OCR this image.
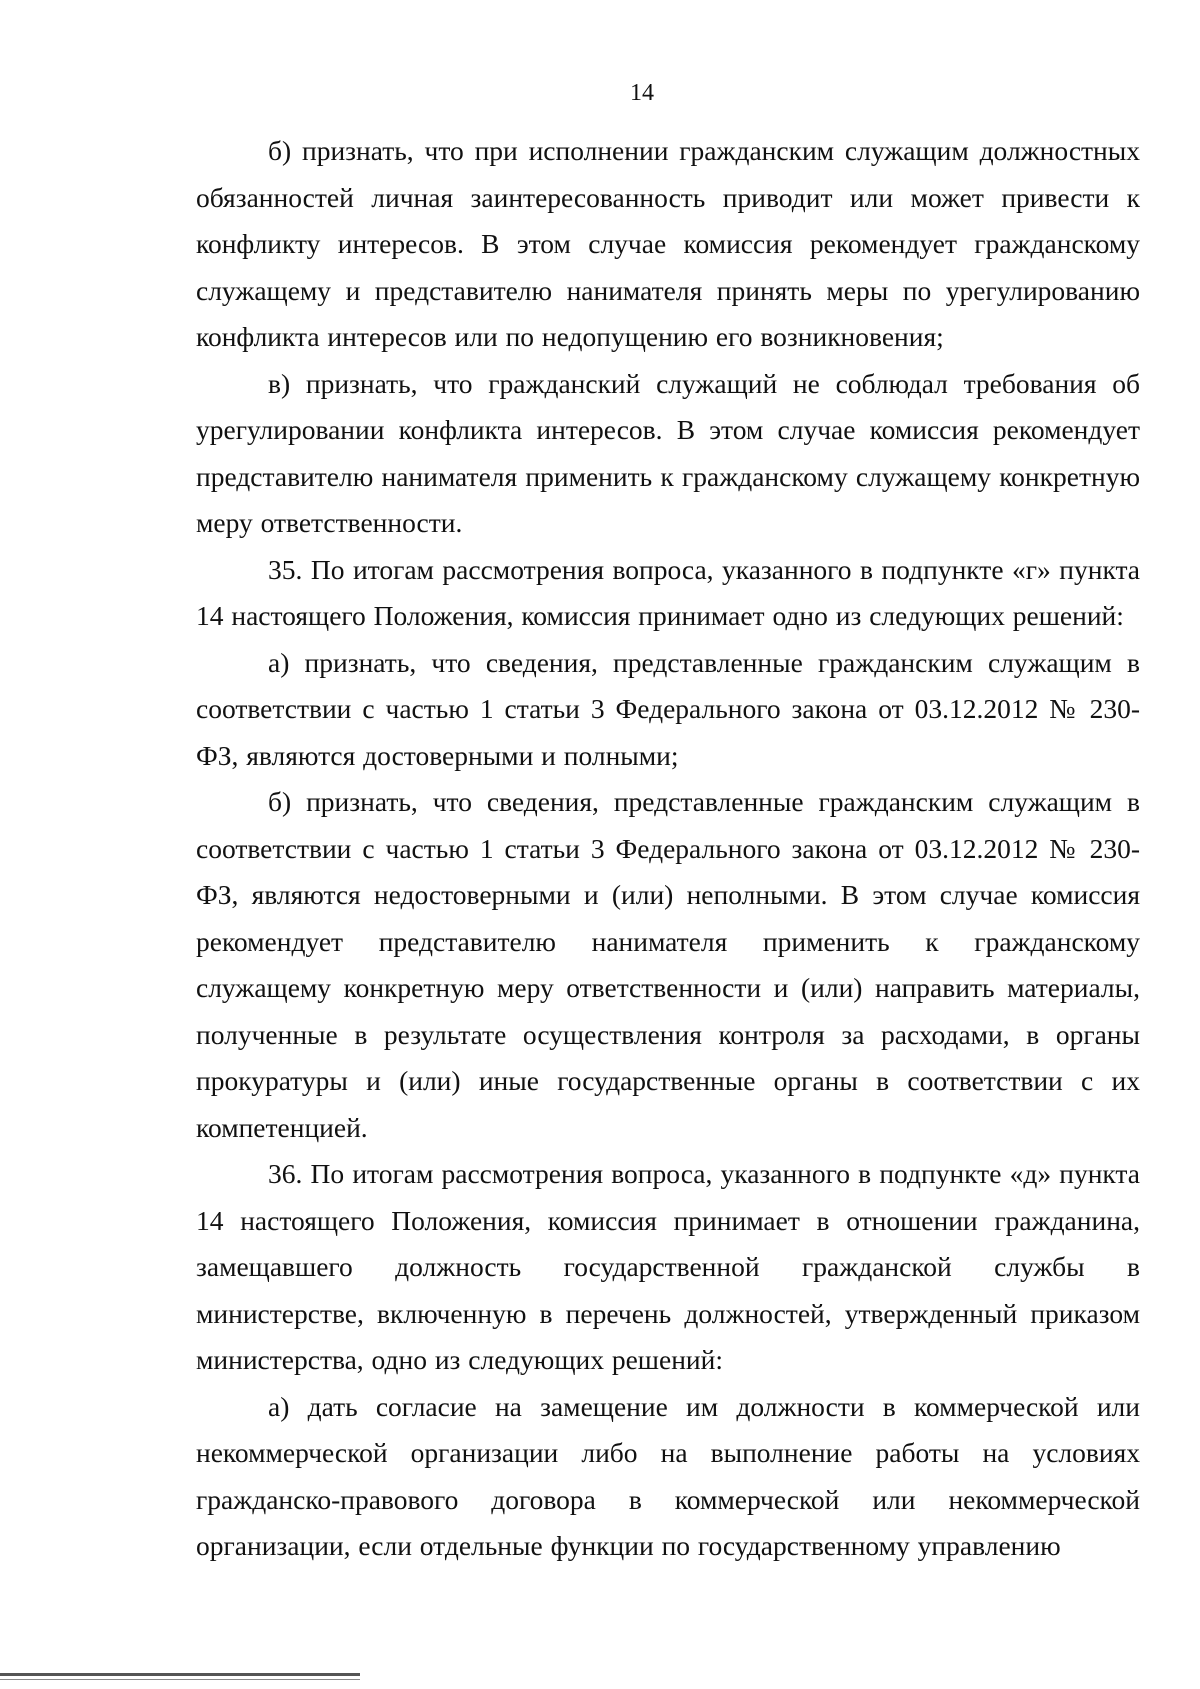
14

б) признать, что при исполнении гражданским служащим должностных обязанностей личная заинтересованность приводит или может привести к конфликту интересов. В этом случае комиссия рекомендует гражданскому служащему и представителю нанимателя принять меры по урегулированию конфликта интересов или по недопущению его возникновения;

в) признать, что гражданский служащий не соблюдал требования об урегулировании конфликта интересов. В этом случае комиссия рекомендует представителю нанимателя применить к гражданскому служащему конкретную меру ответственности.

35. По итогам рассмотрения вопроса, указанного в подпункте «г» пункта 14 настоящего Положения, комиссия принимает одно из следующих решений:

а) признать, что сведения, представленные гражданским служащим в соответствии с частью 1 статьи 3 Федерального закона от 03.12.2012 № 230-ФЗ, являются достоверными и полными;

б) признать, что сведения, представленные гражданским служащим в соответствии с частью 1 статьи 3 Федерального закона от 03.12.2012 № 230-ФЗ, являются недостоверными и (или) неполными. В этом случае комиссия рекомендует представителю нанимателя применить к гражданскому служащему конкретную меру ответственности и (или) направить материалы, полученные в результате осуществления контроля за расходами, в органы прокуратуры и (или) иные государственные органы в соответствии с их компетенцией.

36. По итогам рассмотрения вопроса, указанного в подпункте «д» пункта 14 настоящего Положения, комиссия принимает в отношении гражданина, замещавшего должность государственной гражданской службы в министерстве, включенную в перечень должностей, утвержденный приказом министерства, одно из следующих решений:

а) дать согласие на замещение им должности в коммерческой или некоммерческой организации либо на выполнение работы на условиях гражданско-правового договора в коммерческой или некоммерческой организации, если отдельные функции по государственному управлению
